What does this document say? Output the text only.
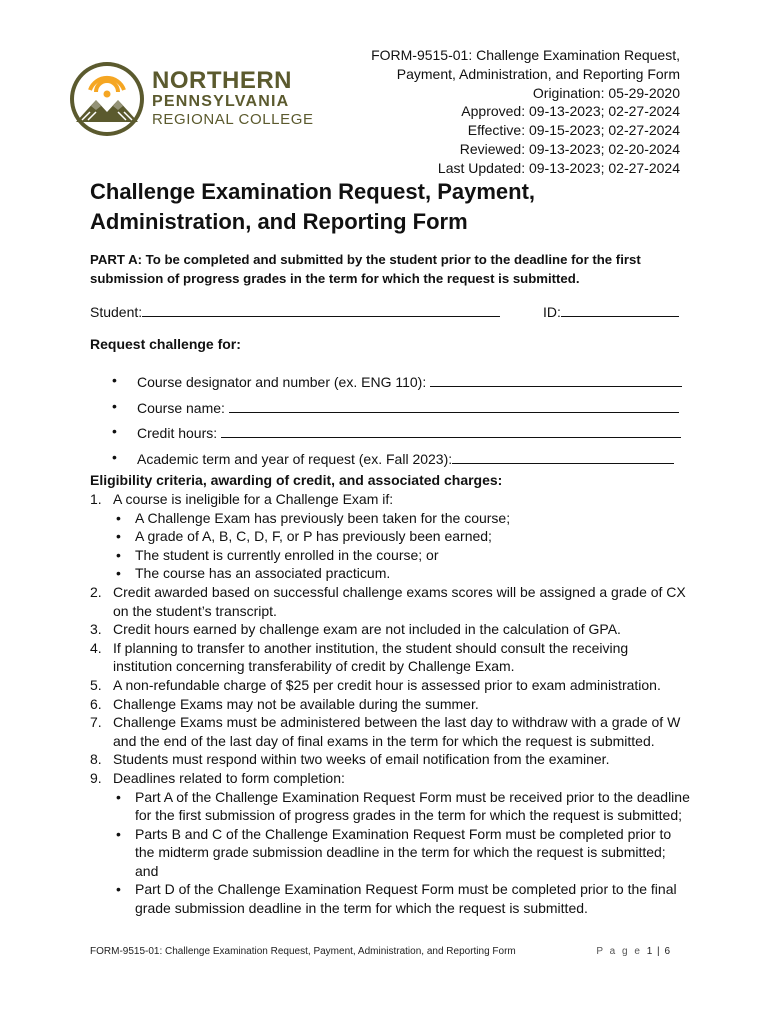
NORTHERN
PENNSYLVANIA
REGIONAL COLLEGE
FORM-9515-01: Challenge Examination Request,
Payment, Administration, and Reporting Form
Origination: 05-29-2020
Approved: 09-13-2023; 02-27-2024
Effective: 09-15-2023; 02-27-2024
Reviewed: 09-13-2023; 02-20-2024
Last Updated: 09-13-2023; 02-27-2024
Challenge Examination Request, Payment,
Administration, and Reporting Form
PART A: To be completed and submitted by the student prior to the deadline for the first submission of progress grades in the term for which the request is submitted.
Student:	ID:
Request challenge for:
• Course designator and number (ex. ENG 110):
• Course name:
• Credit hours:
• Academic term and year of request (ex. Fall 2023):
Eligibility criteria, awarding of credit, and associated charges:
1. A course is ineligible for a Challenge Exam if:
• A Challenge Exam has previously been taken for the course;
• A grade of A, B, C, D, F, or P has previously been earned;
• The student is currently enrolled in the course; or
• The course has an associated practicum.
2. Credit awarded based on successful challenge exams scores will be assigned a grade of CX on the student’s transcript.
3. Credit hours earned by challenge exam are not included in the calculation of GPA.
4. If planning to transfer to another institution, the student should consult the receiving institution concerning transferability of credit by Challenge Exam.
5. A non-refundable charge of $25 per credit hour is assessed prior to exam administration.
6. Challenge Exams may not be available during the summer.
7. Challenge Exams must be administered between the last day to withdraw with a grade of W and the end of the last day of final exams in the term for which the request is submitted.
8. Students must respond within two weeks of email notification from the examiner.
9. Deadlines related to form completion:
• Part A of the Challenge Examination Request Form must be received prior to the deadline for the first submission of progress grades in the term for which the request is submitted;
• Parts B and C of the Challenge Examination Request Form must be completed prior to the midterm grade submission deadline in the term for which the request is submitted; and
• Part D of the Challenge Examination Request Form must be completed prior to the final grade submission deadline in the term for which the request is submitted.
FORM-9515-01: Challenge Examination Request, Payment, Administration, and Reporting Form	P a g e 1 | 6
